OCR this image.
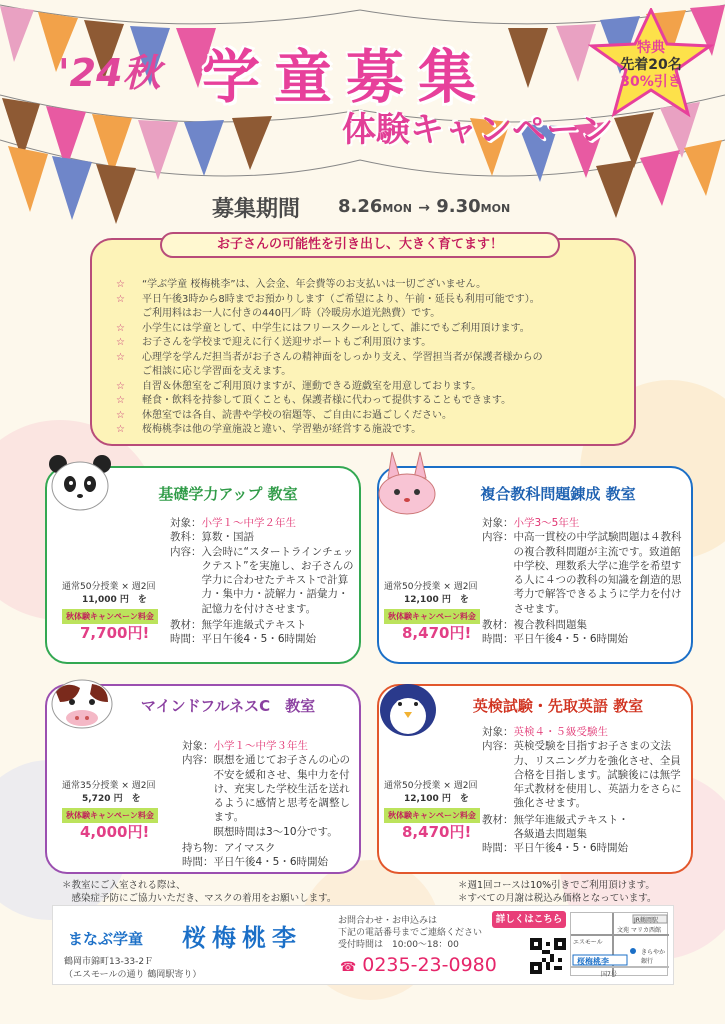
'24秋 学童募集
体験キャンペーン
特典
先着20名
30%引き
募集期間 8.26MON → 9.30MON
☆ “学ぶ学童 桜梅桃李”は、入会金、年会費等のお支払いは一切ございません。
☆ 平日午後3時から8時までお預かりします（ご希望により、午前・延長も利用可能です）。
ご利用料はお一人に付きの440円／時（冷暖房水道光熱費）です。
☆ 小学生には学童として、中学生にはフリースクールとして、誰にでもご利用頂けます。
☆ お子さんを学校まで迎えに行く送迎サポートもご利用頂けます。
☆ 心理学を学んだ担当者がお子さんの精神面をしっかり支え、学習担当者が保護者様からの
ご相談に応じ学習面を支えます。
☆ 自習＆休憩室をご利用頂けますが、運動できる遊戯室を用意しております。
☆ 軽食・飲料を持参して頂くことも、保護者様に代わって提供することもできます。
☆ 休憩室では各自、読書や学校の宿題等、ご自由にお過ごしください。
☆ 桜梅桃李は他の学童施設と違い、学習塾が経営する施設です。
お子さんの可能性を引き出し、大きく育てます！
基礎学力アップ 教室
通常50分授業 × 週2回
11,000 円　を
秋体験キャンペーン料金
7,700円!
対象： 小学１〜中学２年生
教科： 算数・国語
内容： 入会時に“スタートラインチェックテスト”を実施し、お子さんの学力に合わせたテキストで計算力・集中力・読解力・語彙力・記憶力を付けさせます。
教材： 無学年進級式テキスト
時間： 平日午後4・5・6時開始
複合教科問題錬成 教室
通常50分授業 × 週2回
12,100 円　を
秋体験キャンペーン料金
8,470円!
対象： 小学3〜5年生
内容： 中高一貫校の中学試験問題は４教科の複合教科問題が主流です。致道館中学校、理数系大学に進学を希望する人に４つの教科の知識を創造的思考力で解答できるように学力を付けさせます。
教材： 複合教科問題集
時間： 平日午後4・5・6時開始
マインドフルネスC　教室
通常35分授業 × 週2回
5,720 円　を
秋体験キャンペーン料金
4,000円!
対象： 小学１〜中学３年生
内容： 瞑想を通じてお子さんの心の不安を緩和させ、集中力を付け、充実した学校生活を送れるように感情と思考を調整します。
瞑想時間は3〜10分です。
持ち物： アイマスク
時間： 平日午後4・5・6時開始
英検試験・先取英語 教室
通常50分授業 × 週2回
12,100 円　を
秋体験キャンペーン料金
8,470円!
対象： 英検４・５級受験生
内容： 英検受験を目指すお子さまの文法力、リスニング力を強化させ、全員合格を目指します。試験後には無学年式教材を使用し、英語力をさらに強化させます。
教材： 無学年進級式テキスト・
各級過去問題集
時間： 平日午後4・5・6時開始
＊教室にご入室される際は、
　感染症予防にご協力いただき、マスクの着用をお願いします。
＊週1回コースは10%引きでご利用頂けます。
＊すべての月謝は税込み価格となっています。
まなぶ学童 桜梅桃李
鶴岡市錦町13-33-2Ｆ
（エスモールの通り 鶴岡駅寄り）
お問合わせ・お申込みは
下記の電話番号までご連絡ください
受付時間は　10:00〜18：00
☎ 0235-23-0980
詳しくはこちら	JR鶴岡駅
文苑
エスモール
マリカ西館
きらやか銀行
桜梅桃李
国7号
